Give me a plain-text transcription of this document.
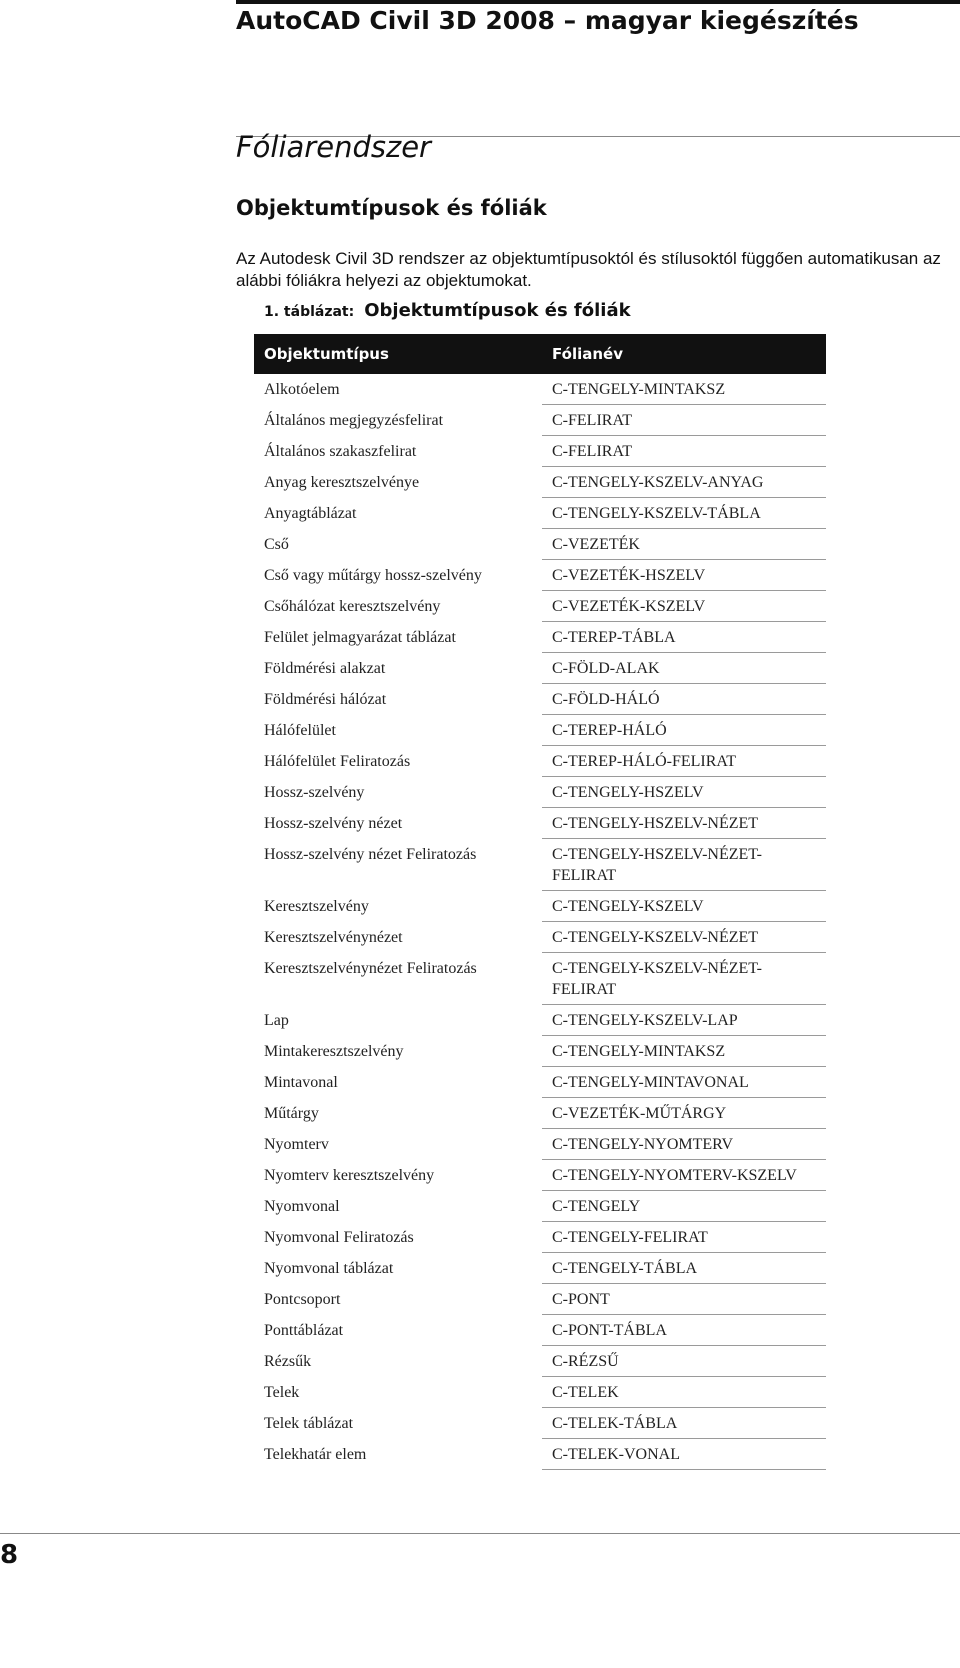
AutoCAD Civil 3D 2008 – magyar kiegészítés
Fóliarendszer
Objektumtípusok és fóliák

Az Autodesk Civil 3D rendszer az objektumtípusoktól és stílusoktól függően automatikusan az alábbi fóliákra helyezi az objektumokat.

1. táblázat: Objektumtípusok és fóliák
Objektumtípus	Fólianév
Alkotóelem	C-TENGELY-MINTAKSZ
Általános megjegyzésfelirat	C-FELIRAT
Általános szakaszfelirat	C-FELIRAT
Anyag keresztszelvénye	C-TENGELY-KSZELV-ANYAG
Anyagtáblázat	C-TENGELY-KSZELV-TÁBLA
Cső	C-VEZETÉK
Cső vagy műtárgy hossz-szelvény	C-VEZETÉK-HSZELV
Csőhálózat keresztszelvény	C-VEZETÉK-KSZELV
Felület jelmagyarázat táblázat	C-TEREP-TÁBLA
Földmérési alakzat	C-FÖLD-ALAK
Földmérési hálózat	C-FÖLD-HÁLÓ
Hálófelület	C-TEREP-HÁLÓ
Hálófelület Feliratozás	C-TEREP-HÁLÓ-FELIRAT
Hossz-szelvény	C-TENGELY-HSZELV
Hossz-szelvény nézet	C-TENGELY-HSZELV-NÉZET
Hossz-szelvény nézet Feliratozás	C-TENGELY-HSZELV-NÉZET-FELIRAT
Keresztszelvény	C-TENGELY-KSZELV
Keresztszelvénynézet	C-TENGELY-KSZELV-NÉZET
Keresztszelvénynézet Feliratozás	C-TENGELY-KSZELV-NÉZET-FELIRAT
Lap	C-TENGELY-KSZELV-LAP
Mintakeresztszelvény	C-TENGELY-MINTAKSZ
Mintavonal	C-TENGELY-MINTAVONAL
Műtárgy	C-VEZETÉK-MŰTÁRGY
Nyomterv	C-TENGELY-NYOMTERV
Nyomterv keresztszelvény	C-TENGELY-NYOMTERV-KSZELV
Nyomvonal	C-TENGELY
Nyomvonal Feliratozás	C-TENGELY-FELIRAT
Nyomvonal táblázat	C-TENGELY-TÁBLA
Pontcsoport	C-PONT
Ponttáblázat	C-PONT-TÁBLA
Rézsűk	C-RÉZSŰ
Telek	C-TELEK
Telek táblázat	C-TELEK-TÁBLA
Telekhatár elem	C-TELEK-VONAL
8
